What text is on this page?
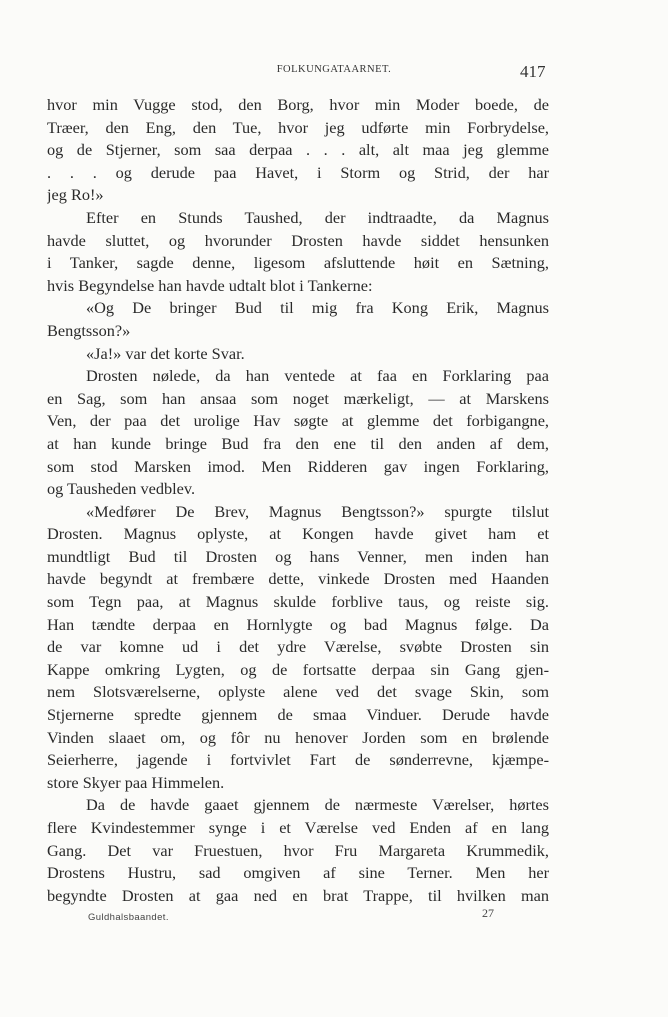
FOLKUNGATAARNET.	417
hvor min Vugge stod, den Borg, hvor min Moder boede, de
Træer, den Eng, den Tue, hvor jeg udførte min Forbrydelse,
og de Stjerner, som saa derpaa . . . alt, alt maa jeg glemme
. . . og derude paa Havet, i Storm og Strid, der har
jeg Ro!»
Efter en Stunds Taushed, der indtraadte, da Magnus
havde sluttet, og hvorunder Drosten havde siddet hensunken
i Tanker, sagde denne, ligesom afsluttende høit en Sætning,
hvis Begyndelse han havde udtalt blot i Tankerne:
«Og De bringer Bud til mig fra Kong Erik, Magnus
Bengtsson?»
«Ja!» var det korte Svar.
Drosten nølede, da han ventede at faa en Forklaring paa
en Sag, som han ansaa som noget mærkeligt, — at Marskens
Ven, der paa det urolige Hav søgte at glemme det forbigangne,
at han kunde bringe Bud fra den ene til den anden af dem,
som stod Marsken imod. Men Ridderen gav ingen Forklaring,
og Tausheden vedblev.
«Medfører De Brev, Magnus Bengtsson?» spurgte tilslut
Drosten. Magnus oplyste, at Kongen havde givet ham et
mundtligt Bud til Drosten og hans Venner, men inden han
havde begyndt at frembære dette, vinkede Drosten med Haanden
som Tegn paa, at Magnus skulde forblive taus, og reiste sig.
Han tændte derpaa en Hornlygte og bad Magnus følge. Da
de var komne ud i det ydre Værelse, svøbte Drosten sin
Kappe omkring Lygten, og de fortsatte derpaa sin Gang gjen-
nem Slotsværelserne, oplyste alene ved det svage Skin, som
Stjernerne spredte gjennem de smaa Vinduer. Derude havde
Vinden slaaet om, og fôr nu henover Jorden som en brølende
Seierherre, jagende i fortvivlet Fart de sønderrevne, kjæmpe-
store Skyer paa Himmelen.
Da de havde gaaet gjennem de nærmeste Værelser, hørtes
flere Kvindestemmer synge i et Værelse ved Enden af en lang
Gang. Det var Fruestuen, hvor Fru Margareta Krummedik,
Drostens Hustru, sad omgiven af sine Terner. Men her
begyndte Drosten at gaa ned en brat Trappe, til hvilken man
Guldhalsbaandet.	27
